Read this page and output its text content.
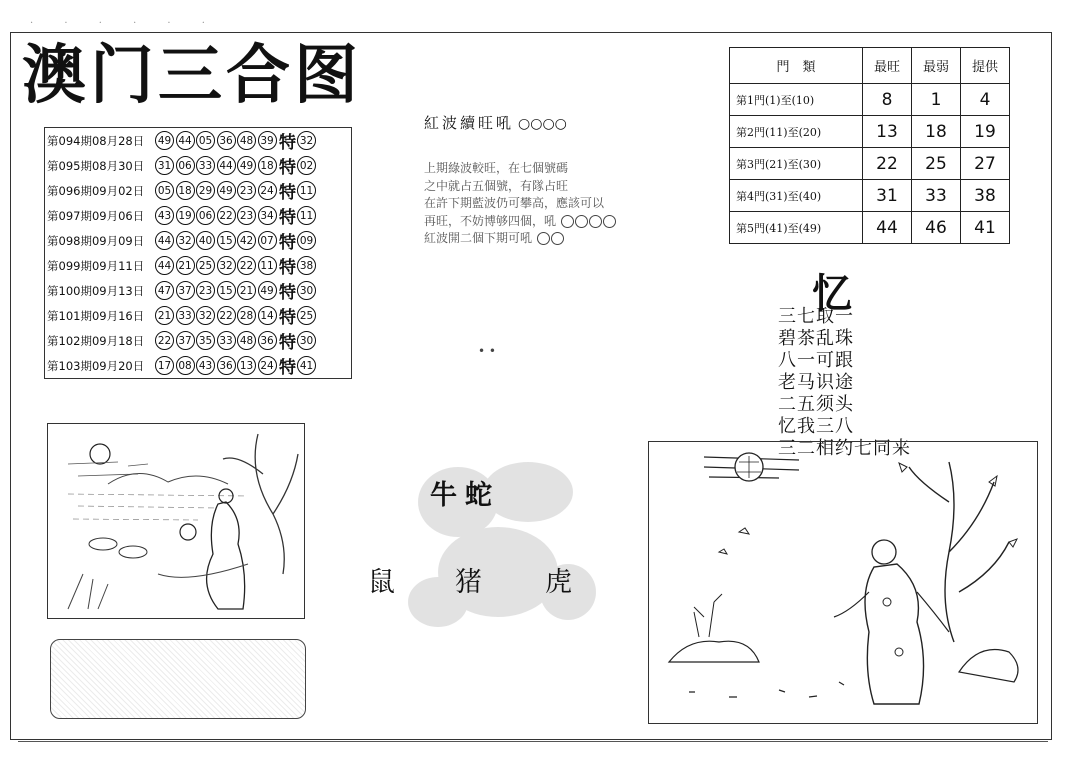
· · · · · ·
澳门三合图
第094期08月28日	49 44 05 36 48 39 特 32
第095期08月30日	31 06 33 44 49 18 特 02
第096期09月02日	05 18 29 49 23 24 特 11
第097期09月06日	43 19 06 22 23 34 特 11
第098期09月09日	44 32 40 15 42 07 特 09
第099期09月11日	44 21 25 32 22 11 特 38
第100期09月13日	47 37 23 15 21 49 特 30
第101期09月16日	21 33 32 22 28 14 特 25
第102期09月18日	22 37 35 33 48 36 特 30
第103期09月20日	17 08 43 36 13 24 特 41
紅波續旺吼 ○○○○
上期綠波較旺，在七個號碼
之中就占五個號，有隊占旺
在許下期藍波仍可攀高，應該可以
再旺，不妨博够四個，吼
紅波開二個下期可吼
• •
門　類	最旺	最弱	提供
第1門(1)至(10)	8	1	4
第2門(11)至(20)	13	18	19
第3門(21)至(30)	22	25	27
第4門(31)至(40)	31	33	38
第5門(41)至(49)	44	46	41
忆
三七取一
碧茶乱珠
八一可跟
老马识途
二五须头
忆我三八
三二相约七同来
牛蛇
鼠 猪 虎
